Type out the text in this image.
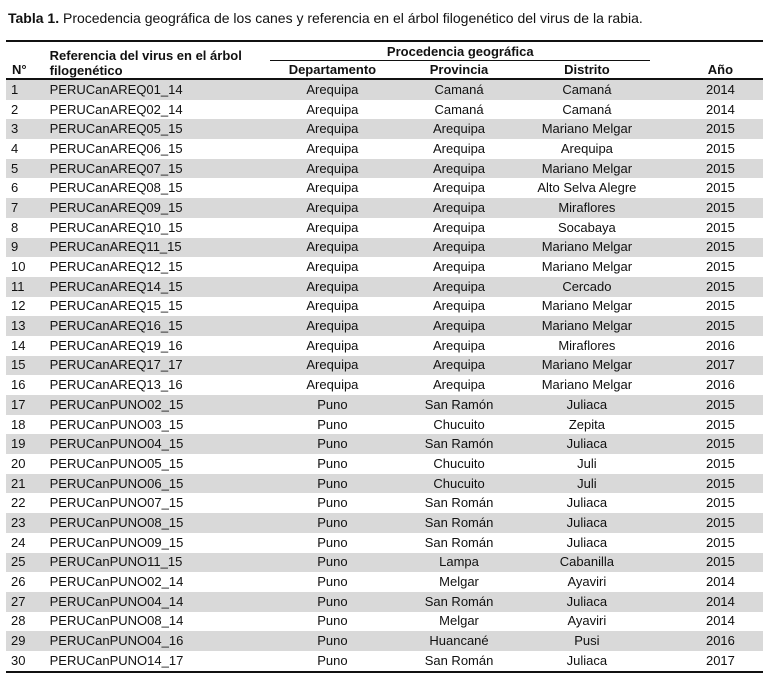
Tabla 1. Procedencia geográfica de los canes y referencia en el árbol filogenético del virus de la rabia.
N°	Referencia del virus en el árbol filogenético	Procedencia geográfica				Año
		Departamento	Provincia	Distrito		
1	PERUCanAREQ01_14	Arequipa	Camaná	Camaná		2014
2	PERUCanAREQ02_14	Arequipa	Camaná	Camaná		2014
3	PERUCanAREQ05_15	Arequipa	Arequipa	Mariano Melgar		2015
4	PERUCanAREQ06_15	Arequipa	Arequipa	Arequipa		2015
5	PERUCanAREQ07_15	Arequipa	Arequipa	Mariano Melgar		2015
6	PERUCanAREQ08_15	Arequipa	Arequipa	Alto Selva Alegre		2015
7	PERUCanAREQ09_15	Arequipa	Arequipa	Miraflores		2015
8	PERUCanAREQ10_15	Arequipa	Arequipa	Socabaya		2015
9	PERUCanAREQ11_15	Arequipa	Arequipa	Mariano Melgar		2015
10	PERUCanAREQ12_15	Arequipa	Arequipa	Mariano Melgar		2015
11	PERUCanAREQ14_15	Arequipa	Arequipa	Cercado		2015
12	PERUCanAREQ15_15	Arequipa	Arequipa	Mariano Melgar		2015
13	PERUCanAREQ16_15	Arequipa	Arequipa	Mariano Melgar		2015
14	PERUCanAREQ19_16	Arequipa	Arequipa	Miraflores		2016
15	PERUCanAREQ17_17	Arequipa	Arequipa	Mariano Melgar		2017
16	PERUCanAREQ13_16	Arequipa	Arequipa	Mariano Melgar		2016
17	PERUCanPUNO02_15	Puno	San Ramón	Juliaca		2015
18	PERUCanPUNO03_15	Puno	Chucuito	Zepita		2015
19	PERUCanPUNO04_15	Puno	San Ramón	Juliaca		2015
20	PERUCanPUNO05_15	Puno	Chucuito	Juli		2015
21	PERUCanPUNO06_15	Puno	Chucuito	Juli		2015
22	PERUCanPUNO07_15	Puno	San Román	Juliaca		2015
23	PERUCanPUNO08_15	Puno	San Román	Juliaca		2015
24	PERUCanPUNO09_15	Puno	San Román	Juliaca		2015
25	PERUCanPUNO11_15	Puno	Lampa	Cabanilla		2015
26	PERUCanPUNO02_14	Puno	Melgar	Ayaviri		2014
27	PERUCanPUNO04_14	Puno	San Román	Juliaca		2014
28	PERUCanPUNO08_14	Puno	Melgar	Ayaviri		2014
29	PERUCanPUNO04_16	Puno	Huancané	Pusi		2016
30	PERUCanPUNO14_17	Puno	San Román	Juliaca		2017
